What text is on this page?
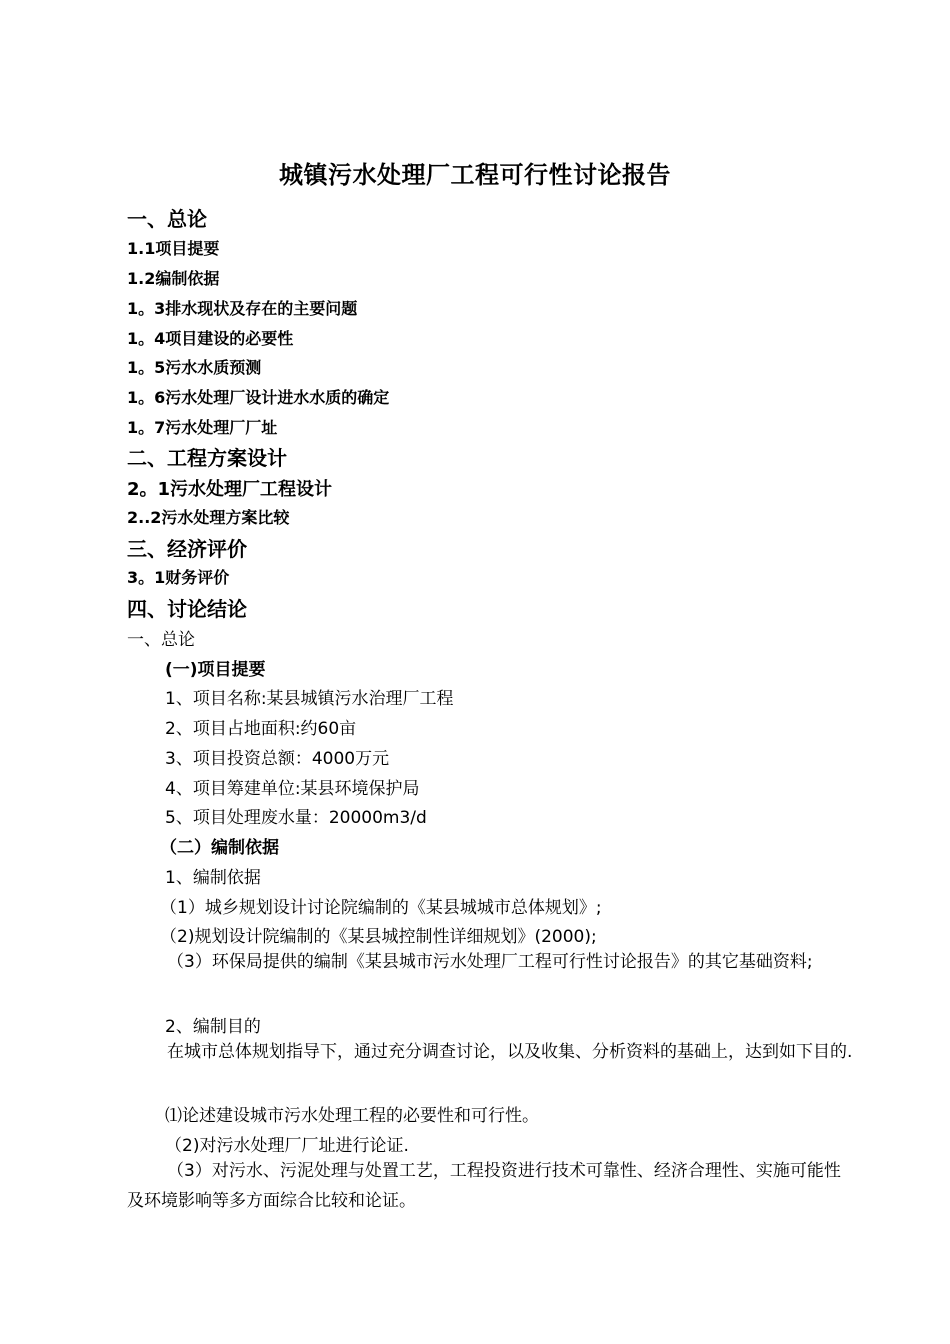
城镇污水处理厂工程可行性讨论报告
一、总论
1.1项目提要
1.2编制依据
1。3排水现状及存在的主要问题
1。4项目建设的必要性
1。5污水水质预测
1。6污水处理厂设计进水水质的确定
1。7污水处理厂厂址
二、工程方案设计
2。1污水处理厂工程设计
2..2污水处理方案比较
三、经济评价
3。1财务评价
四、讨论结论
一、总论
(一)项目提要
1、项目名称:某县城镇污水治理厂工程
2、项目占地面积:约60亩
3、项目投资总额：4000万元
4、项目筹建单位:某县环境保护局
5、项目处理废水量：20000m3/d
（二）编制依据
1、编制依据
（1）城乡规划设计讨论院编制的《某县城城市总体规划》;
（2)规划设计院编制的《某县城控制性详细规划》(2000);
（3）环保局提供的编制《某县城市污水处理厂工程可行性讨论报告》的其它基础资料;
2、编制目的
在城市总体规划指导下，通过充分调查讨论，以及收集、分析资料的基础上，达到如下目的.
⑴论述建设城市污水处理工程的必要性和可行性。
（2)对污水处理厂厂址进行论证.
（3）对污水、污泥处理与处置工艺，工程投资进行技术可靠性、经济合理性、实施可能性及环境影响等多方面综合比较和论证。
